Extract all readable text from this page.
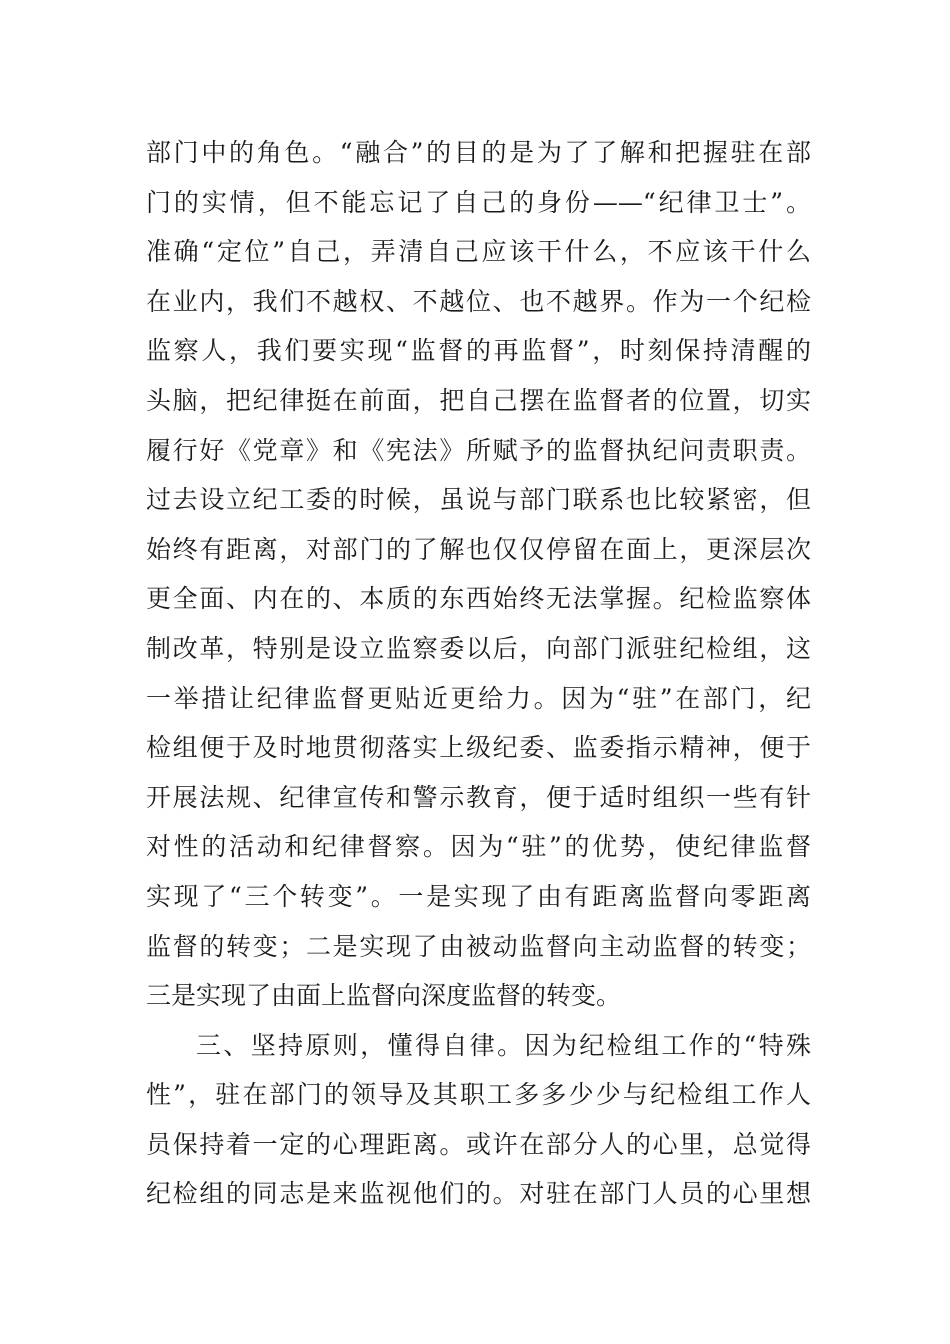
部门中的角色。“融合”的目的是为了了解和把握驻在部
门的实情，但不能忘记了自己的身份——“纪律卫士”。
准确“定位”自己，弄清自己应该干什么，不应该干什么
在业内，我们不越权、不越位、也不越界。作为一个纪检
监察人，我们要实现“监督的再监督”，时刻保持清醒的
头脑，把纪律挺在前面，把自己摆在监督者的位置，切实
履行好《党章》和《宪法》所赋予的监督执纪问责职责。
过去设立纪工委的时候，虽说与部门联系也比较紧密，但
始终有距离，对部门的了解也仅仅停留在面上，更深层次
更全面、内在的、本质的东西始终无法掌握。纪检监察体
制改革，特别是设立监察委以后，向部门派驻纪检组，这
一举措让纪律监督更贴近更给力。因为“驻”在部门，纪
检组便于及时地贯彻落实上级纪委、监委指示精神，便于
开展法规、纪律宣传和警示教育，便于适时组织一些有针
对性的活动和纪律督察。因为“驻”的优势，使纪律监督
实现了“三个转变”。一是实现了由有距离监督向零距离
监督的转变；二是实现了由被动监督向主动监督的转变；
三是实现了由面上监督向深度监督的转变。
三、坚持原则，懂得自律。因为纪检组工作的“特殊
性”，驻在部门的领导及其职工多多少少与纪检组工作人
员保持着一定的心理距离。或许在部分人的心里，总觉得
纪检组的同志是来监视他们的。对驻在部门人员的心里想
